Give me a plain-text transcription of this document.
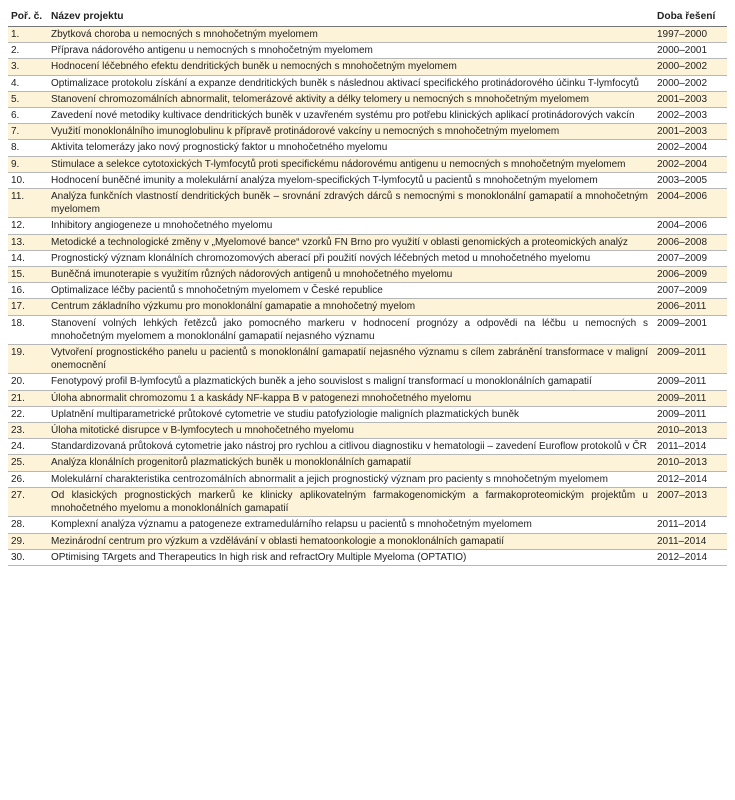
Poř. č.	Název projektu	Doba řešení
1.	Zbytková choroba u nemocných s mnohočetným myelomem	1997–2000
2.	Příprava nádorového antigenu u nemocných s mnohočetným myelomem	2000–2001
3.	Hodnocení léčebného efektu dendritických buněk u nemocných s mnohočetným myelomem	2000–2002
4.	Optimalizace protokolu získání a expanze dendritických buněk s následnou aktivací specifického protinádorového účinku T-lymfocytů	2000–2002
5.	Stanovení chromozomálních abnormalit, telomerázové aktivity a délky telomery u nemocných s mnohočetným myelomem	2001–2003
6.	Zavedení nové metodiky kultivace dendritických buněk v uzavřeném systému pro potřebu klinických aplikací protinádorových vakcín	2002–2003
7.	Využití monoklonálního imunoglobulinu k přípravě protinádorové vakcíny u nemocných s mnohočetným myelomem	2001–2003
8.	Aktivita telomerázy jako nový prognostický faktor u mnohočetného myelomu	2002–2004
9.	Stimulace a selekce cytotoxických T-lymfocytů proti specifickému nádorovému antigenu u nemocných s mnohočetným myelomem	2002–2004
10.	Hodnocení buněčné imunity a molekulární analýza myelom-specifických T-lymfocytů u pacientů s mnohočetným myelomem	2003–2005
11.	Analýza funkčních vlastností dendritických buněk – srovnání zdravých dárců s nemocnými s monoklonální gamapatií a mnohočetným myelomem	2004–2006
12.	Inhibitory angiogeneze u mnohočetného myelomu	2004–2006
13.	Metodické a technologické změny v „Myelomové bance“ vzorků FN Brno pro využití v oblasti genomických a proteomických analýz	2006–2008
14.	Prognostický význam klonálních chromozomových aberací při použití nových léčebných metod u mnohočetného myelomu	2007–2009
15.	Buněčná imunoterapie s využitím různých nádorových antigenů u mnohočetného myelomu	2006–2009
16.	Optimalizace léčby pacientů s mnohočetným myelomem v České republice	2007–2009
17.	Centrum základního výzkumu pro monoklonální gamapatie a mnohočetný myelom	2006–2011
18.	Stanovení volných lehkých řetězců jako pomocného markeru v hodnocení prognózy a odpovědi na léčbu u nemocných s mnohočetným myelomem a monoklonální gamapatií nejasného významu	2009–2001
19.	Vytvoření prognostického panelu u pacientů s monoklonální gamapatií nejasného významu s cílem zabránění transformace v maligní onemocnění	2009–2011
20.	Fenotypový profil B-lymfocytů a plazmatických buněk a jeho souvislost s maligní transformací u monoklonálních gamapatií	2009–2011
21.	Úloha abnormalit chromozomu 1 a kaskády NF-kappa B v patogenezi mnohočetného myelomu	2009–2011
22.	Uplatnění multiparametrické průtokové cytometrie ve studiu patofyziologie maligních plazmatických buněk	2009–2011
23.	Úloha mitotické disrupce v B-lymfocytech u mnohočetného myelomu	2010–2013
24.	Standardizovaná průtoková cytometrie jako nástroj pro rychlou a citlivou diagnostiku v hematologii – zavedení Euroflow protokolů v ČR	2011–2014
25.	Analýza klonálních progenitorů plazmatických buněk u monoklonálních gamapatií	2010–2013
26.	Molekulární charakteristika centrozomálních abnormalit a jejich prognostický význam pro pacienty s mnohočetným myelomem	2012–2014
27.	Od klasických prognostických markerů ke klinicky aplikovatelným farmakogenomickým a farmakoproteomickým projektům u mnohočetného myelomu a monoklonálních gamapatií	2007–2013
28.	Komplexní analýza významu a patogeneze extramedulárního relapsu u pacientů s mnohočetným myelomem	2011–2014
29.	Mezinárodní centrum pro výzkum a vzdělávání v oblasti hematoonkologie a monoklonálních gamapatií	2011–2014
30.	OPtimising TArgets and Therapeutics In high risk and refractOry Multiple Myeloma (OPTATIO)	2012–2014
